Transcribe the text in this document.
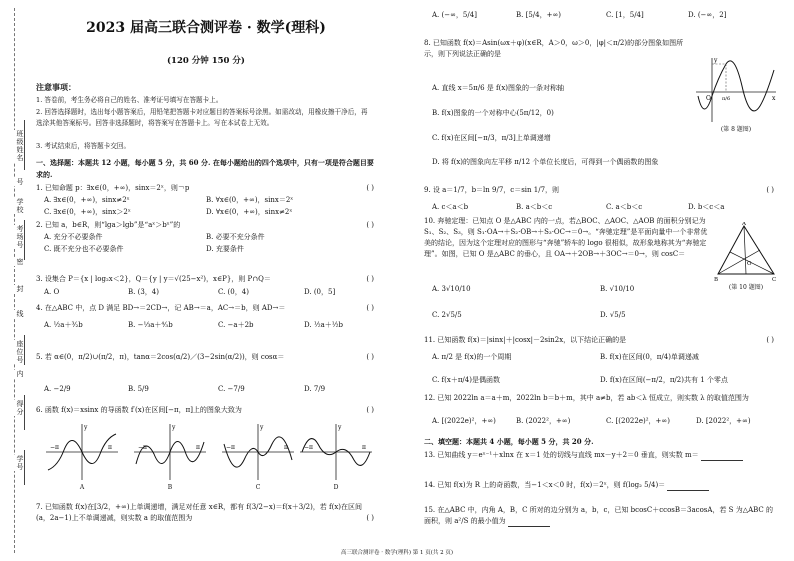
班级姓名
号
学校
考场号
密
封
线
座位号
内
得分
学号
2023 届高三联合测评卷 · 数学(理科)
(120 分钟 150 分)
注意事项：
1. 答卷前，考生务必将自己的姓名、准考证号填写在答题卡上。
2. 回答选择题时，选出每小题答案后，用铅笔把答题卡对应题目的答案标号涂黑。如需改动，用橡皮擦干净后，再选涂其他答案标号。回答非选择题时，将答案写在答题卡上。写在本试卷上无效。
3. 考试结束后，将答题卡交回。
一、选择题：本题共 12 小题，每小题 5 分，共 60 分. 在每小题给出的四个选项中，只有一项是符合题目要求的.
1. 已知命题 p：∃x∈(0，+∞)，sinx＝2ˣ，则￢p	( )
A. ∃x∈(0，+∞)，sinx≠2ˣ	B. ∀x∈(0，+∞)，sinx＝2ˣ
C. ∃x∈(0，+∞)，sinx＞2ˣ	D. ∀x∈(0，+∞)，sinx≠2ˣ
2. 已知 a，b∈R，则“lga＞lgb”是“aˣ＞bˣ”的	( )
A. 充分不必要条件	B. 必要不充分条件
C. 既不充分也不必要条件	D. 充要条件
3. 设集合 P＝{x | log₂x＜2}，Q＝{y | y＝√(25−x²)，x∈P}，则 P∩Q＝	( )
A. O	B. (3，4)	C. (0，4)	D. (0，5]
4. 在△ABC 中，点 D 满足 BD→＝2CD→，记 AB→＝a，AC→＝b，则 AD→＝	( )
A. ½a＋³⁄₂b	B. −⅓a＋⁴⁄₃b	C. −a＋2b	D. ½a＋½b
5. 若 α∈(0，π/2)∪(π/2，π)，tanα＝2cos(α/2)／(3−2sin(α/2))，则 cosα＝	( )
A. −2/9	B. 5/9	C. −7/9	D. 7/9
6. 函数 f(x)＝xsinx 的导函数 f′(x)在区间[−π，π]上的图象大致为	( )
−π	π
y
A
−π	π
y
B
−π	π
y
C
−π	π
y
D
7. 已知函数 f(x)在[3/2，+∞)上单调递增，满足对任意 x∈R，都有 f(3/2−x)＝f(x＋3/2)，若 f(x)在区间(a，2a−1)上不单调递减，则实数 a 的取值范围为	( )
A. (−∞，5/4]	B. [5/4，+∞)	C. [1，5/4]	D. (−∞，2]
8. 已知函数 f(x)＝Asin(ωx＋φ)(x∈R，A＞0，ω＞0，|φ|＜π/2)的部分图象如图所示，则下列说法正确的是
A. 直线 x＝5π/6 是 f(x)图象的一条对称轴
B. f(x)图象的一个对称中心(5π/12，0)
C. f(x)在区间[−π/3，π/3]上单调递增
D. 将 f(x)的图象向左平移 π/12 个单位长度后，可得到一个偶函数的图象
y
x
O π/6
(第 8 题图)
9. 设 a＝1/7，b＝ln 9/7，c＝sin 1/7，则	( )
A. c＜a＜b	B. a＜b＜c	C. a＜b＜c	D. b＜c＜a
10. 奔驰定理：已知点 O 是△ABC 内的一点，若△BOC、△AOC、△AOB 的面积分别记为 S₁、S₂、S₃，则 S₁·OA→＋S₂·OB→＋S₃·OC→＝0→。“奔驰定理”是平面向量中一个非常优美的结论，因为这个定理对应的图形与“奔驰”轿车的 logo 很相似，故形象地称其为“奔驰定理”。如图，已知 O 是△ABC 的垂心，且 OA→＋2OB→＋3OC→＝0→，则 cosC＝
A
B	C
O
(第 10 题图)
A. 3√10/10	B. √10/10
C. 2√5/5	D. √5/5
11. 已知函数 f(x)＝|sinx|＋|cosx|－2sin2x，以下结论正确的是	( )
A. π/2 是 f(x)的一个周期	B. f(x)在区间(0，π/4)单调递减
C. f(x＋π/4)是偶函数	D. f(x)在区间(−π/2，π/2)共有 1 个零点
12. 已知 2022ln a＝a＋m，2022ln b＝b＋m，其中 a≠b，若 ab＜λ 恒成立，则实数 λ 的取值范围为
A. [(2022e)²，+∞)	B. (2022²，+∞)	C. [(2022e)²，+∞)	D. [2022²，+∞)
二、填空题：本题共 4 小题，每小题 5 分，共 20 分.
13. 已知曲线 y＝eˣ⁻¹＋xlnx 在 x＝1 处的切线与直线 mx－y＋2＝0 垂直，则实数 m＝
14. 已知 f(x)为 R 上的奇函数，当−1＜x＜0 时，f(x)＝2ˣ，则 f(log₂ 5/4)＝
15. 在△ABC 中，内角 A，B，C 所对的边分别为 a，b，c，已知 bcosC＋ccosB＝3acosA，若 S 为△ABC 的面积，则 a²/S 的最小值为
高三联合测评卷 · 数学(理科) 第 1 页(共 2 页)
